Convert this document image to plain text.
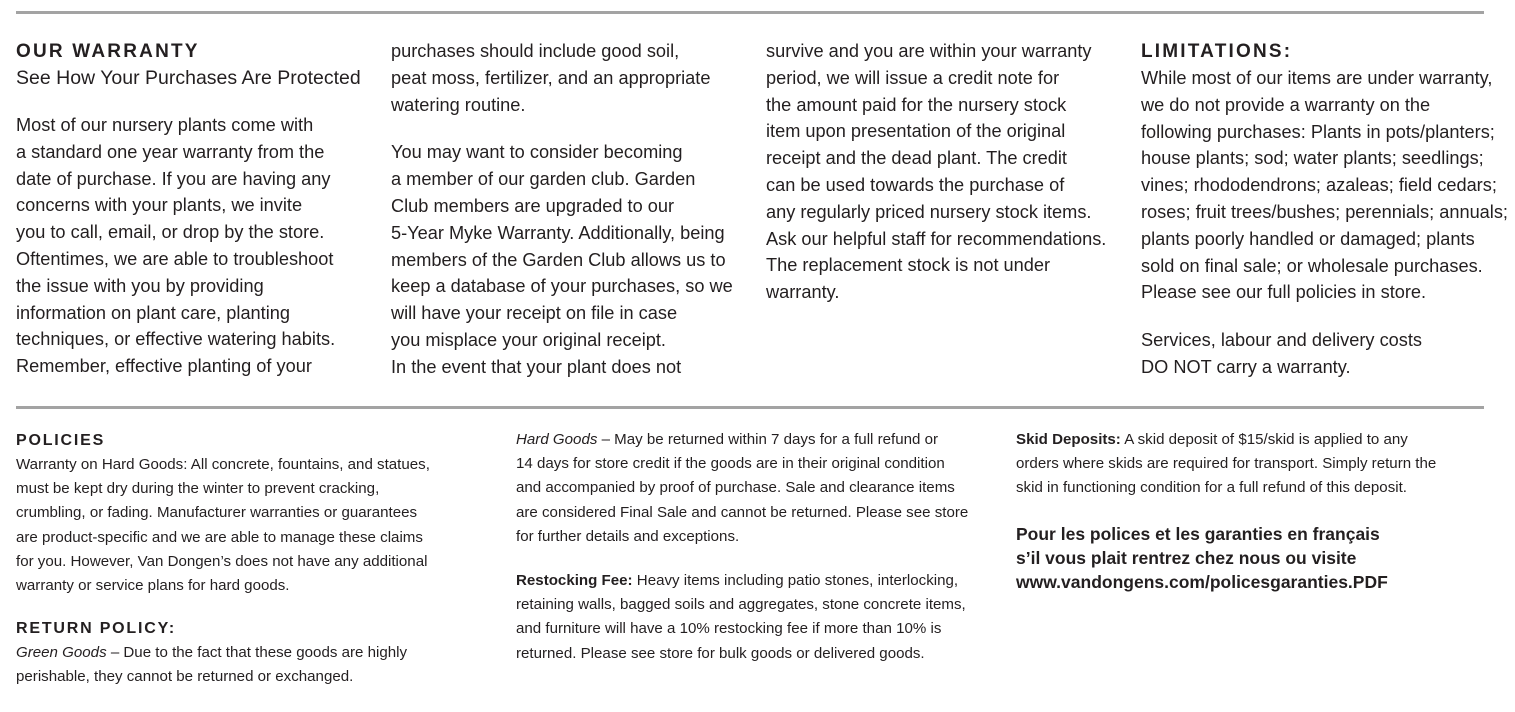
OUR WARRANTY

See How Your Purchases Are Protected

Most of our nursery plants come with
a standard one year warranty from the
date of purchase. If you are having any
concerns with your plants, we invite
you to call, email, or drop by the store.
Oftentimes, we are able to troubleshoot
the issue with you by providing
information on plant care, planting
techniques, or effective watering habits.
Remember, effective planting of your

purchases should include good soil,
peat moss, fertilizer, and an appropriate
watering routine.

You may want to consider becoming
a member of our garden club. Garden
Club members are upgraded to our
5-Year Myke Warranty. Additionally, being
members of the Garden Club allows us to
keep a database of your purchases, so we
will have your receipt on file in case
you misplace your original receipt.
In the event that your plant does not

survive and you are within your warranty
period, we will issue a credit note for
the amount paid for the nursery stock
item upon presentation of the original
receipt and the dead plant. The credit
can be used towards the purchase of
any regularly priced nursery stock items.
Ask our helpful staff for recommendations.
The replacement stock is not under
warranty.

LIMITATIONS:

While most of our items are under warranty,
we do not provide a warranty on the
following purchases: Plants in pots/planters;
house plants; sod; water plants; seedlings;
vines; rhododendrons; azaleas; field cedars;
roses; fruit trees/bushes; perennials; annuals;
plants poorly handled or damaged; plants
sold on final sale; or wholesale purchases.
Please see our full policies in store.

Services, labour and delivery costs
DO NOT carry a warranty.

POLICIES

Warranty on Hard Goods: All concrete, fountains, and statues,
must be kept dry during the winter to prevent cracking,
crumbling, or fading. Manufacturer warranties or guarantees
are product-specific and we are able to manage these claims
for you. However, Van Dongen’s does not have any additional
warranty or service plans for hard goods.

RETURN POLICY:

Green Goods – Due to the fact that these goods are highly
perishable, they cannot be returned or exchanged.

Hard Goods – May be returned within 7 days for a full refund or
14 days for store credit if the goods are in their original condition
and accompanied by proof of purchase. Sale and clearance items
are considered Final Sale and cannot be returned. Please see store
for further details and exceptions.

Restocking Fee: Heavy items including patio stones, interlocking,
retaining walls, bagged soils and aggregates, stone concrete items,
and furniture will have a 10% restocking fee if more than 10% is
returned. Please see store for bulk goods or delivered goods.

Skid Deposits: A skid deposit of $15/skid is applied to any
orders where skids are required for transport. Simply return the
skid in functioning condition for a full refund of this deposit.

Pour les polices et les garanties en français
s’il vous plait rentrez chez nous ou visite
www.vandongens.com/policesgaranties.PDF
